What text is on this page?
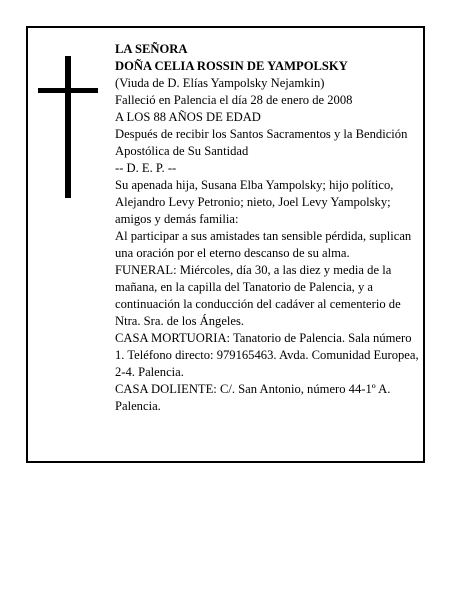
LA SEÑORA

DOÑA CELIA ROSSIN DE YAMPOLSKY

(Viuda de D. Elías Yampolsky Nejamkin)

Falleció en Palencia el día 28 de enero de 2008

A LOS 88 AÑOS DE EDAD

Después de recibir los Santos Sacramentos y la Bendición Apostólica de Su Santidad

-- D. E. P. --

Su apenada hija, Susana Elba Yampolsky; hijo político, Alejandro Levy Petronio; nieto, Joel Levy Yampolsky; amigos y demás familia:

Al participar a sus amistades tan sensible pérdida, suplican una oración por el eterno descanso de su alma.

FUNERAL: Miércoles, día 30, a las diez y media de la mañana, en la capilla del Tanatorio de Palencia, y a continuación la conducción del cadáver al cementerio de Ntra. Sra. de los Ángeles.

CASA MORTUORIA: Tanatorio de Palencia. Sala número 1. Teléfono directo: 979165463. Avda. Comunidad Europea, 2-4. Palencia.

CASA DOLIENTE: C/. San Antonio, número 44-1º A. Palencia.
